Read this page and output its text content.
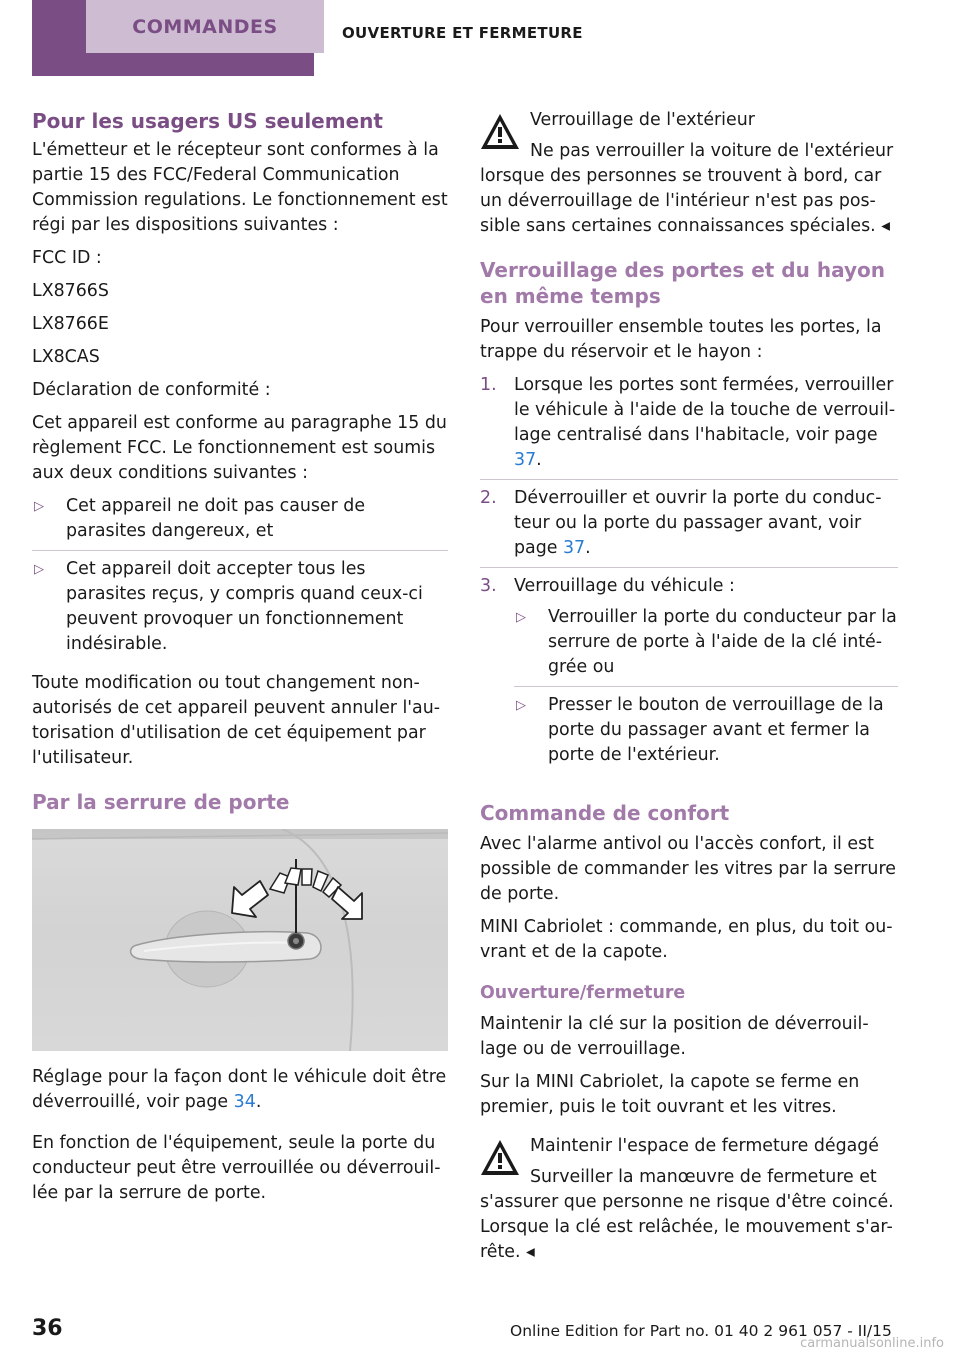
COMMANDES	OUVERTURE ET FERMETURE
Pour les usagers US seulement

L'émetteur et le récepteur sont conformes à la partie 15 des FCC/Federal Communication Commission regulations. Le fonctionnement est régi par les dispositions suivantes :

FCC ID :

LX8766S

LX8766E

LX8CAS

Déclaration de conformité :

Cet appareil est conforme au paragraphe 15 du règlement FCC. Le fonctionnement est soumis aux deux conditions suivantes :

▷ Cet appareil ne doit pas causer de parasites dangereux, et
▷ Cet appareil doit accepter tous les parasites reçus, y compris quand ceux-ci peuvent provoquer un fonctionnement indésirable.

Toute modification ou tout changement non-autorisés de cet appareil peuvent annuler l'au-torisation d'utilisation de cet équipement par l'utilisateur.

Par la serrure de porte

Réglage pour la façon dont le véhicule doit être déverrouillé, voir page 34.

En fonction de l'équipement, seule la porte du conducteur peut être verrouillée ou déverrouil-lée par la serrure de porte.

Verrouillage de l'extérieur
Ne pas verrouiller la voiture de l'extérieur lorsque des personnes se trouvent à bord, car un déverrouillage de l'intérieur n'est pas pos-sible sans certaines connaissances spéciales. ◂
Verrouillage des portes et du hayon en même temps

Pour verrouiller ensemble toutes les portes, la trappe du réservoir et le hayon :

1. Lorsque les portes sont fermées, verrouiller le véhicule à l'aide de la touche de verrouil-lage centralisé dans l'habitacle, voir page 37.
2. Déverrouiller et ouvrir la porte du conduc-teur ou la porte du passager avant, voir page 37.
3. Verrouillage du véhicule :
▷ Verrouiller la porte du conducteur par la serrure de porte à l'aide de la clé inté-grée ou
▷ Presser le bouton de verrouillage de la porte du passager avant et fermer la porte de l'extérieur.
Commande de confort

Avec l'alarme antivol ou l'accès confort, il est possible de commander les vitres par la serrure de porte.

MINI Cabriolet : commande, en plus, du toit ou-vrant et de la capote.

Ouverture/fermeture

Maintenir la clé sur la position de déverrouil-lage ou de verrouillage.

Sur la MINI Cabriolet, la capote se ferme en premier, puis le toit ouvrant et les vitres.

Maintenir l'espace de fermeture dégagé
Surveiller la manœuvre de fermeture et s'assurer que personne ne risque d'être coincé. Lorsque la clé est relâchée, le mouvement s'ar-rête. ◂
36	Online Edition for Part no. 01 40 2 961 057 - II/15
carmanualsonline.info
